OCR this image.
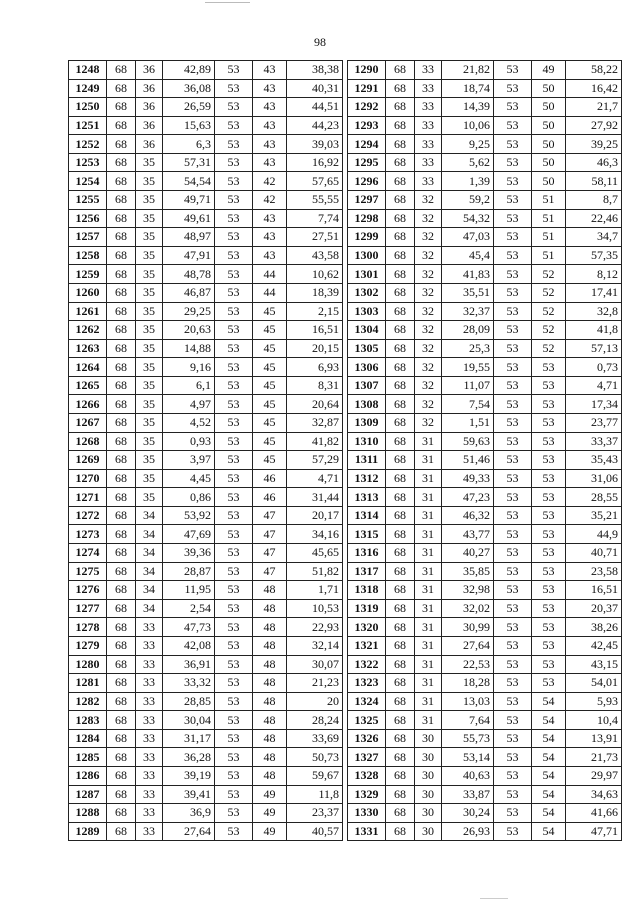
98
1248	68	36	42,89	53	43	38,38
1249	68	36	36,08	53	43	40,31
1250	68	36	26,59	53	43	44,51
1251	68	36	15,63	53	43	44,23
1252	68	36	6,3	53	43	39,03
1253	68	35	57,31	53	43	16,92
1254	68	35	54,54	53	42	57,65
1255	68	35	49,71	53	42	55,55
1256	68	35	49,61	53	43	7,74
1257	68	35	48,97	53	43	27,51
1258	68	35	47,91	53	43	43,58
1259	68	35	48,78	53	44	10,62
1260	68	35	46,87	53	44	18,39
1261	68	35	29,25	53	45	2,15
1262	68	35	20,63	53	45	16,51
1263	68	35	14,88	53	45	20,15
1264	68	35	9,16	53	45	6,93
1265	68	35	6,1	53	45	8,31
1266	68	35	4,97	53	45	20,64
1267	68	35	4,52	53	45	32,87
1268	68	35	0,93	53	45	41,82
1269	68	35	3,97	53	45	57,29
1270	68	35	4,45	53	46	4,71
1271	68	35	0,86	53	46	31,44
1272	68	34	53,92	53	47	20,17
1273	68	34	47,69	53	47	34,16
1274	68	34	39,36	53	47	45,65
1275	68	34	28,87	53	47	51,82
1276	68	34	11,95	53	48	1,71
1277	68	34	2,54	53	48	10,53
1278	68	33	47,73	53	48	22,93
1279	68	33	42,08	53	48	32,14
1280	68	33	36,91	53	48	30,07
1281	68	33	33,32	53	48	21,23
1282	68	33	28,85	53	48	20
1283	68	33	30,04	53	48	28,24
1284	68	33	31,17	53	48	33,69
1285	68	33	36,28	53	48	50,73
1286	68	33	39,19	53	48	59,67
1287	68	33	39,41	53	49	11,8
1288	68	33	36,9	53	49	23,37
1289	68	33	27,64	53	49	40,57
1290	68	33	21,82	53	49	58,22
1291	68	33	18,74	53	50	16,42
1292	68	33	14,39	53	50	21,7
1293	68	33	10,06	53	50	27,92
1294	68	33	9,25	53	50	39,25
1295	68	33	5,62	53	50	46,3
1296	68	33	1,39	53	50	58,11
1297	68	32	59,2	53	51	8,7
1298	68	32	54,32	53	51	22,46
1299	68	32	47,03	53	51	34,7
1300	68	32	45,4	53	51	57,35
1301	68	32	41,83	53	52	8,12
1302	68	32	35,51	53	52	17,41
1303	68	32	32,37	53	52	32,8
1304	68	32	28,09	53	52	41,8
1305	68	32	25,3	53	52	57,13
1306	68	32	19,55	53	53	0,73
1307	68	32	11,07	53	53	4,71
1308	68	32	7,54	53	53	17,34
1309	68	32	1,51	53	53	23,77
1310	68	31	59,63	53	53	33,37
1311	68	31	51,46	53	53	35,43
1312	68	31	49,33	53	53	31,06
1313	68	31	47,23	53	53	28,55
1314	68	31	46,32	53	53	35,21
1315	68	31	43,77	53	53	44,9
1316	68	31	40,27	53	53	40,71
1317	68	31	35,85	53	53	23,58
1318	68	31	32,98	53	53	16,51
1319	68	31	32,02	53	53	20,37
1320	68	31	30,99	53	53	38,26
1321	68	31	27,64	53	53	42,45
1322	68	31	22,53	53	53	43,15
1323	68	31	18,28	53	53	54,01
1324	68	31	13,03	53	54	5,93
1325	68	31	7,64	53	54	10,4
1326	68	30	55,73	53	54	13,91
1327	68	30	53,14	53	54	21,73
1328	68	30	40,63	53	54	29,97
1329	68	30	33,87	53	54	34,63
1330	68	30	30,24	53	54	41,66
1331	68	30	26,93	53	54	47,71
